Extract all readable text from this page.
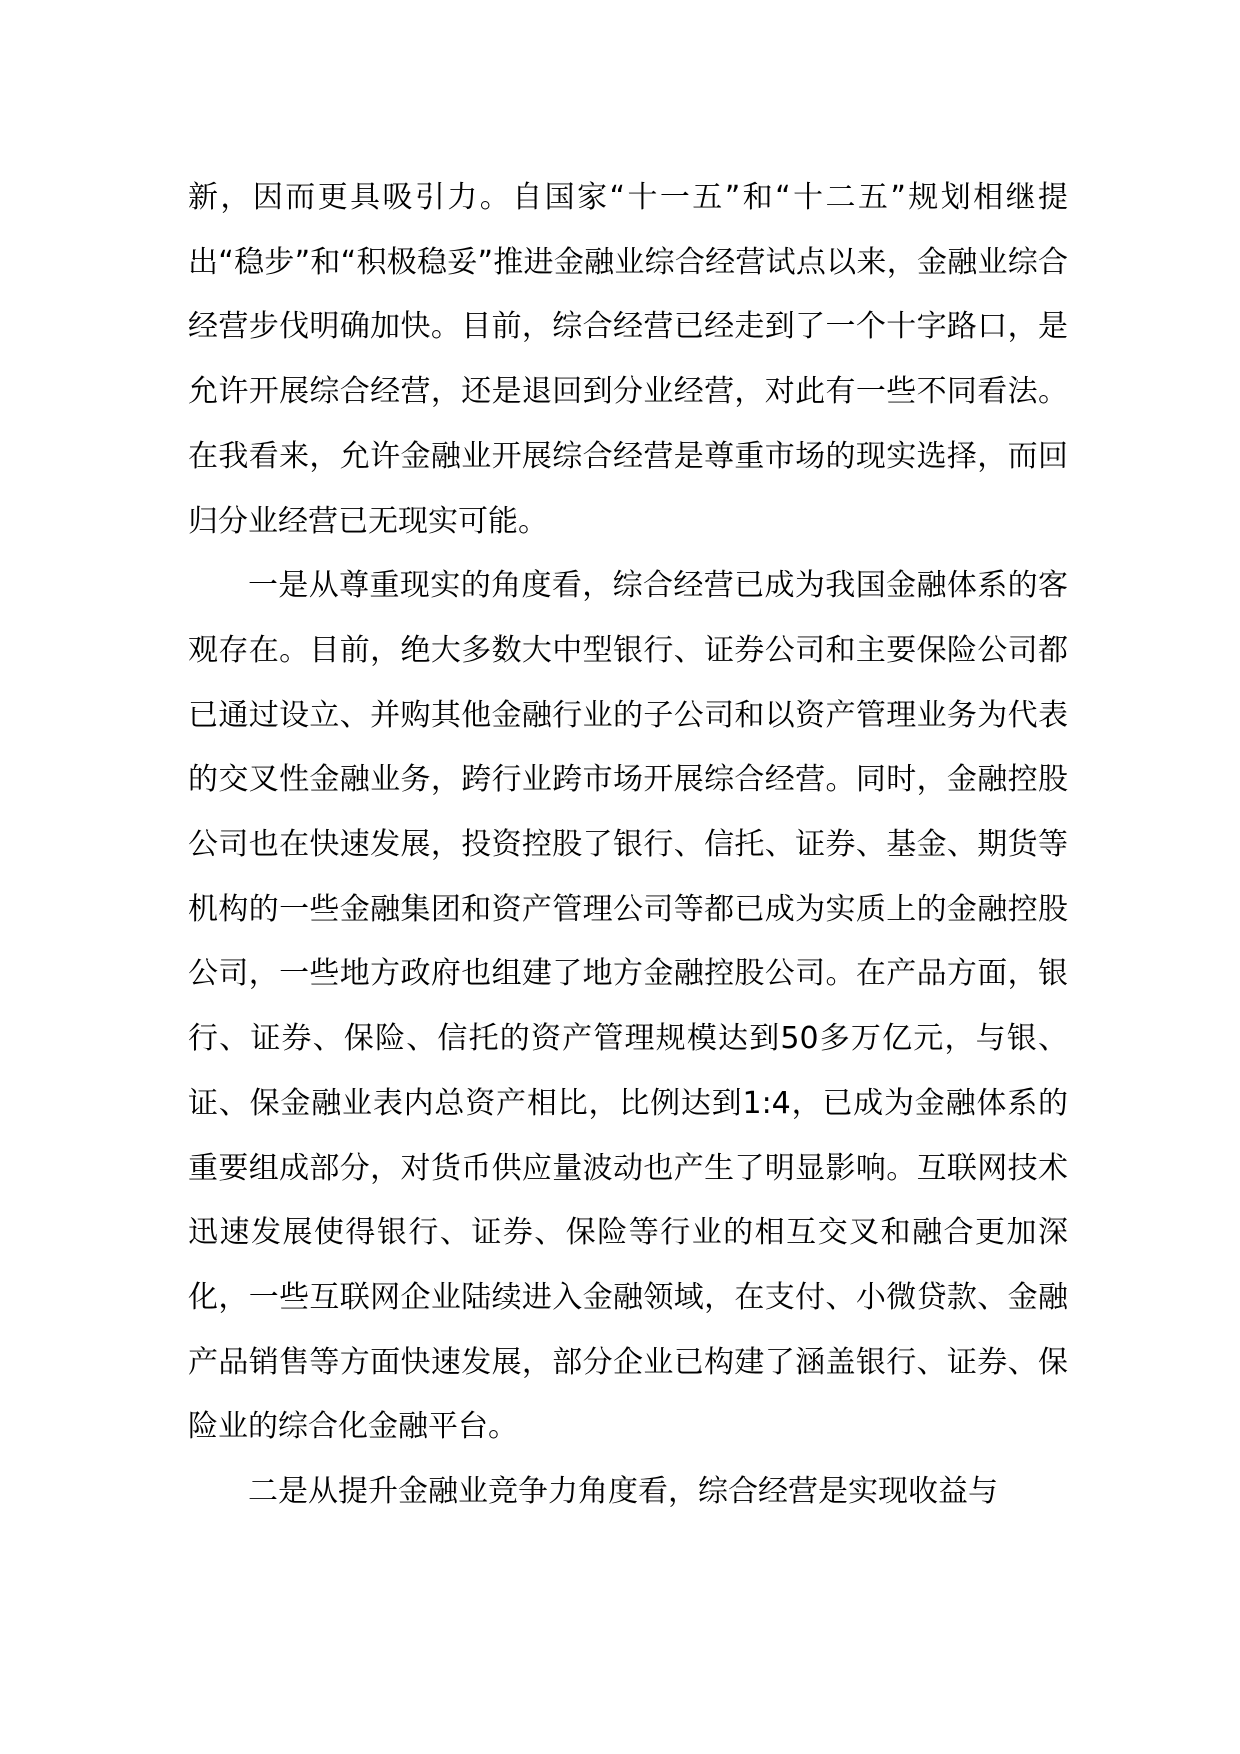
新，因而更具吸引力。自国家“十一五”和“十二五”规划相继提出“稳步”和“积极稳妥”推进金融业综合经营试点以来，金融业综合经营步伐明确加快。目前，综合经营已经走到了一个十字路口，是允许开展综合经营，还是退回到分业经营，对此有一些不同看法。在我看来，允许金融业开展综合经营是尊重市场的现实选择，而回归分业经营已无现实可能。

一是从尊重现实的角度看，综合经营已成为我国金融体系的客观存在。目前，绝大多数大中型银行、证券公司和主要保险公司都已通过设立、并购其他金融行业的子公司和以资产管理业务为代表的交叉性金融业务，跨行业跨市场开展综合经营。同时，金融控股公司也在快速发展，投资控股了银行、信托、证券、基金、期货等机构的一些金融集团和资产管理公司等都已成为实质上的金融控股公司，一些地方政府也组建了地方金融控股公司。在产品方面，银行、证券、保险、信托的资产管理规模达到50多万亿元，与银、证、保金融业表内总资产相比，比例达到1:4，已成为金融体系的重要组成部分，对货币供应量波动也产生了明显影响。互联网技术迅速发展使得银行、证券、保险等行业的相互交叉和融合更加深化，一些互联网企业陆续进入金融领域，在支付、小微贷款、金融产品销售等方面快速发展，部分企业已构建了涵盖银行、证券、保险业的综合化金融平台。

二是从提升金融业竞争力角度看，综合经营是实现收益与
